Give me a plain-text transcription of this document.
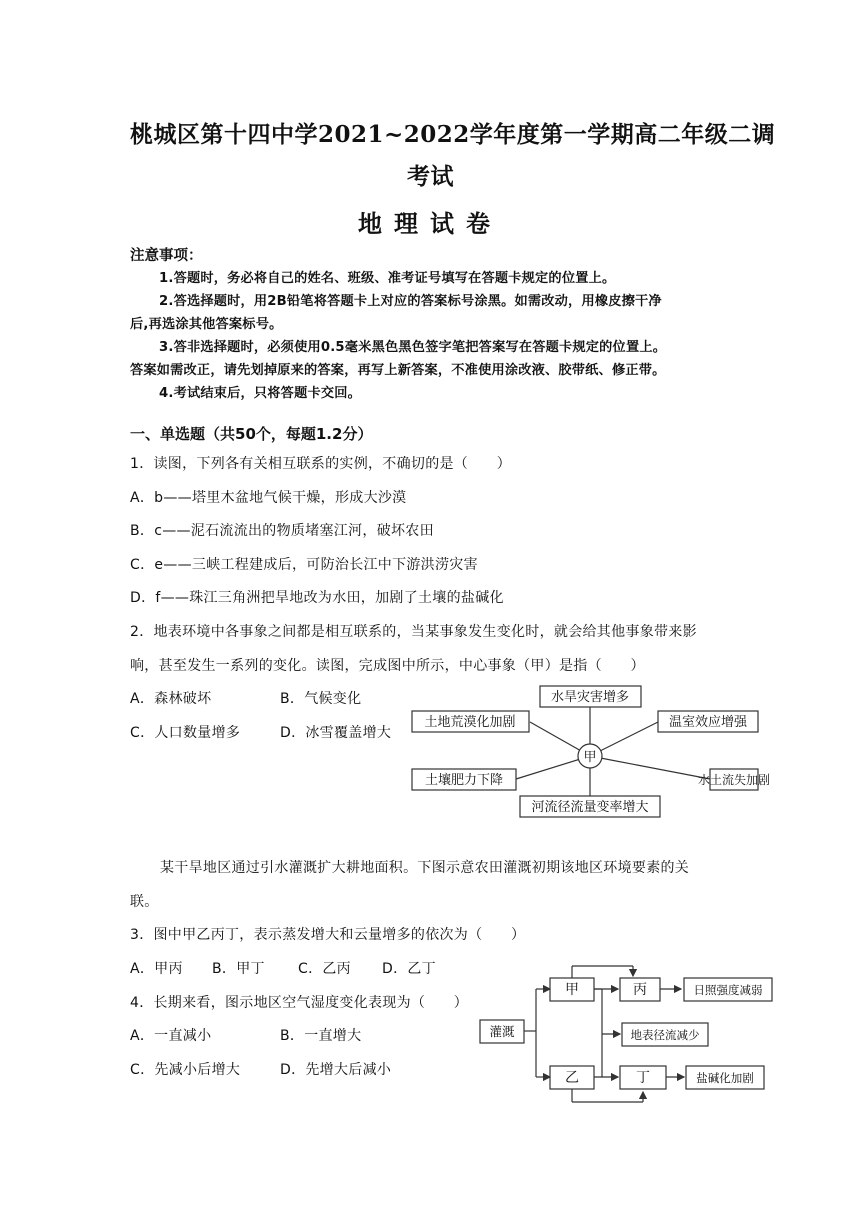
桃城区第十四中学2021~2022学年度第一学期高二年级二调
考试
地理试卷
注意事项：
1.答题时，务必将自己的姓名、班级、准考证号填写在答题卡规定的位置上。
2.答选择题时，用2B铅笔将答题卡上对应的答案标号涂黑。如需改动，用橡皮擦干净
后,再选涂其他答案标号。
3.答非选择题时，必须使用0.5毫米黑色黑色签字笔把答案写在答题卡规定的位置上。
答案如需改正，请先划掉原来的答案，再写上新答案，不准使用涂改液、胶带纸、修正带。
4.考试结束后，只将答题卡交回。
一、单选题（共50个，每题1.2分）
1．读图，下列各有关相互联系的实例，不确切的是（　　）
A．b——塔里木盆地气候干燥，形成大沙漠
B．c——泥石流流出的物质堵塞江河，破坏农田
C．e——三峡工程建成后，可防治长江中下游洪涝灾害
D．f——珠江三角洲把旱地改为水田，加剧了土壤的盐碱化
2．地表环境中各事象之间都是相互联系的，当某事象发生变化时，就会给其他事象带来影
响，甚至发生一系列的变化。读图，完成图中所示，中心事象（甲）是指（　　）
A．森林破坏	B．气候变化
C．人口数量增多	D．冰雪覆盖增大
水旱灾害增多
土地荒漠化加剧	温室效应增强
土壤肥力下降	水土流失加剧
河流径流量变率增大
甲
某干旱地区通过引水灌溉扩大耕地面积。下图示意农田灌溉初期该地区环境要素的关
联。
3．图中甲乙丙丁，表示蒸发增大和云量增多的依次为（　　）
A．甲丙 B．甲丁 C．乙丙 D．乙丁
4．长期来看，图示地区空气湿度变化表现为（　　）
A．一直减小	B．一直增大
C．先减小后增大	D．先增大后减小
灌溉
甲
乙
丙
丁
日照强度减弱
地表径流减少
盐碱化加剧
